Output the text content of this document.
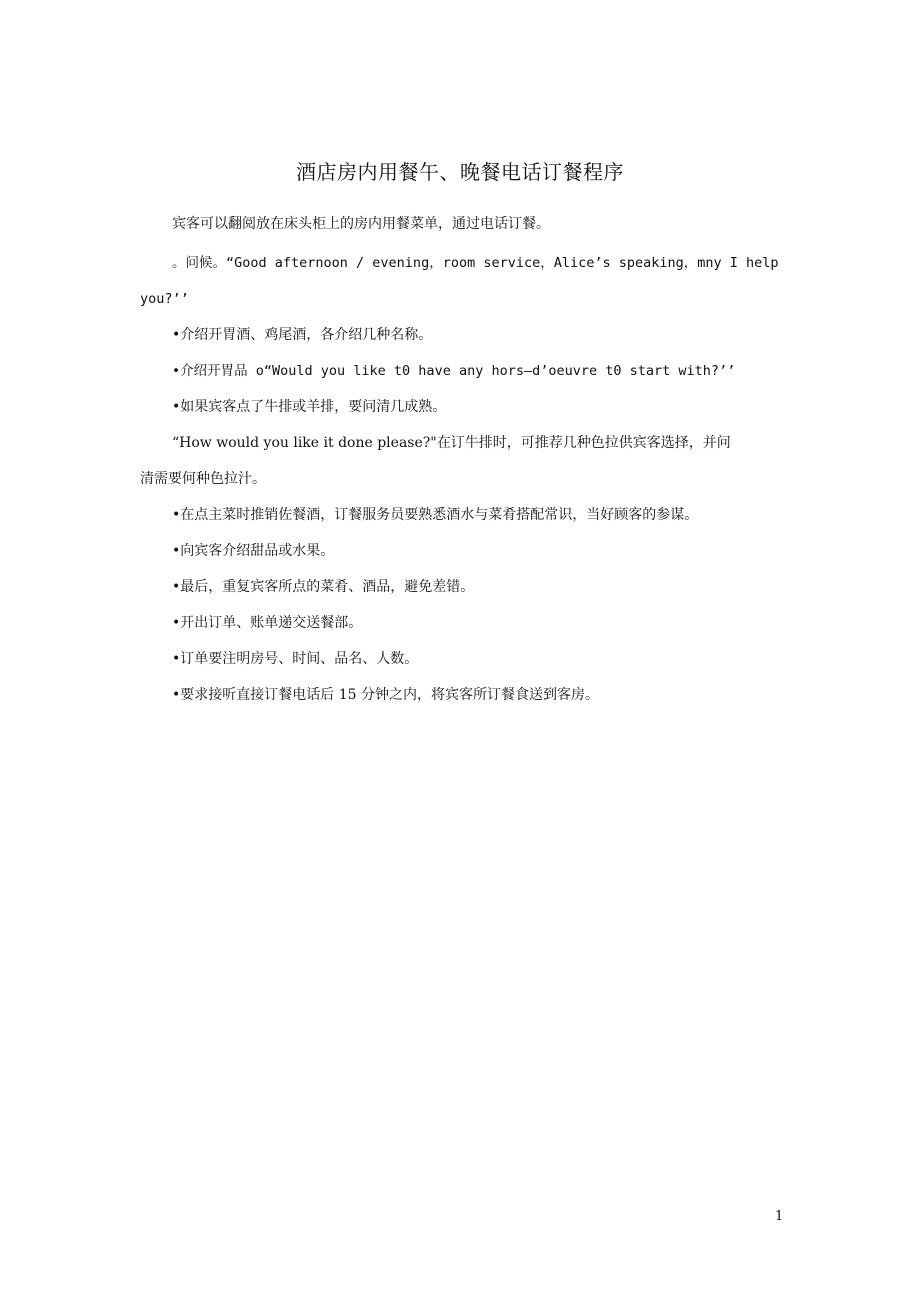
酒店房内用餐午、晚餐电话订餐程序

宾客可以翻阅放在床头柜上的房内用餐菜单，通过电话订餐。

。问候。“Good afternoon / evening，room service，Alice’s speaking，mny I help

you?’’

•介绍开胃酒、鸡尾酒，各介绍几种名称。

•介绍开胃品 o“Would you like t0 have any hors—d’oeuvre t0 start with?’’

•如果宾客点了牛排或羊排，要问清几成熟。

“How would you like it done please?"在订牛排时，可推荐几种色拉供宾客选择，并问

清需要何种色拉汁。

•在点主菜时推销佐餐酒，订餐服务员要熟悉酒水与菜肴搭配常识，当好顾客的参谋。

•向宾客介绍甜品或水果。

•最后，重复宾客所点的菜肴、酒品，避免差错。

•开出订单、账单递交送餐部。

•订单要注明房号、时间、品名、人数。

•要求接听直接订餐电话后 15 分钟之内，将宾客所订餐食送到客房。

1
